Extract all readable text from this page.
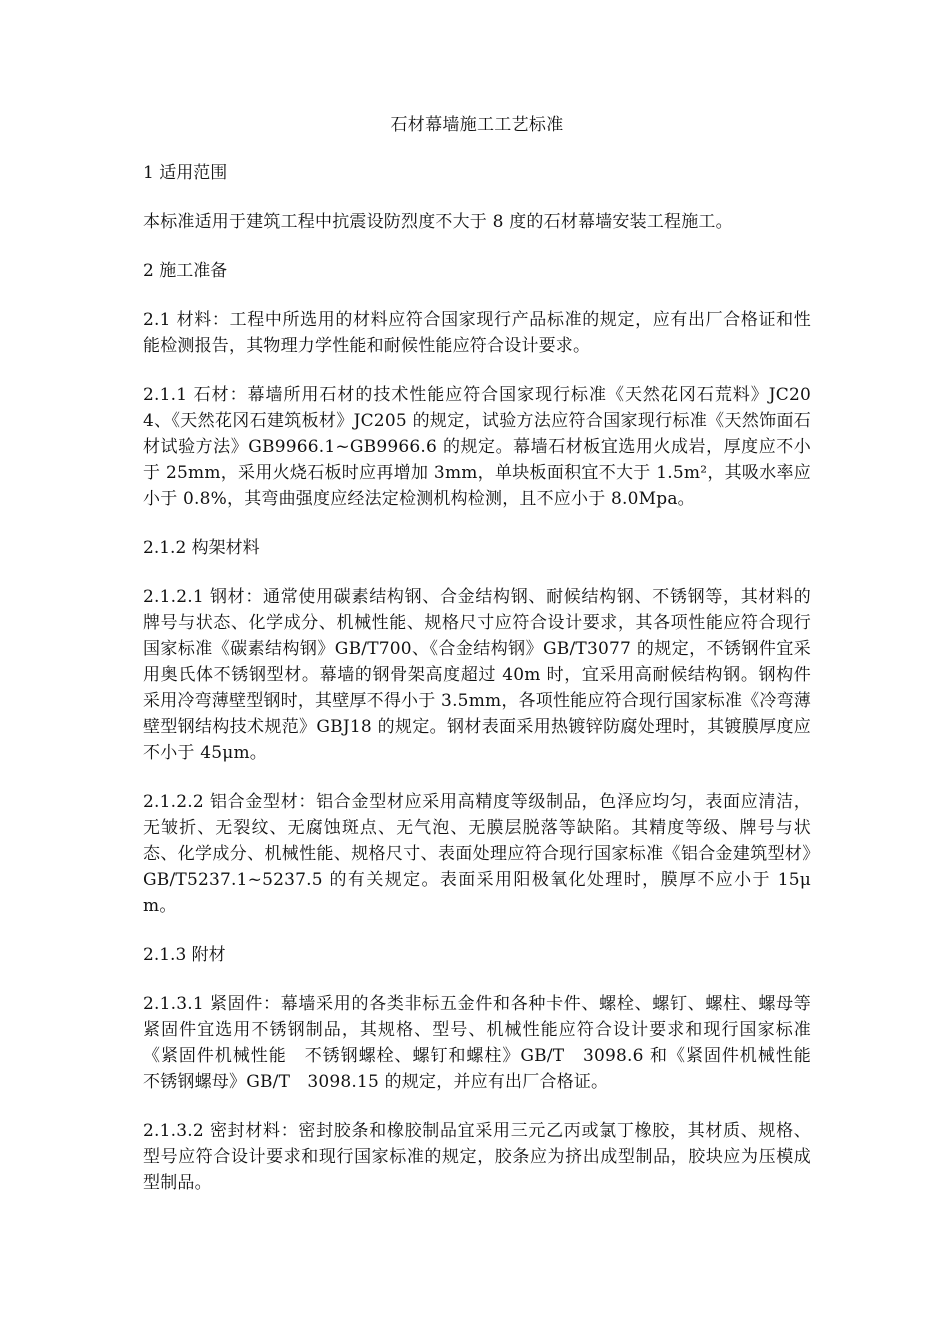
石材幕墙施工工艺标准
1 适用范围
本标准适用于建筑工程中抗震设防烈度不大于 8 度的石材幕墙安装工程施工。
2 施工准备
2.1 材料：工程中所选用的材料应符合国家现行产品标准的规定，应有出厂合格证和性能检测报告，其物理力学性能和耐候性能应符合设计要求。
2.1.1 石材：幕墙所用石材的技术性能应符合国家现行标准《天然花冈石荒料》JC204、《天然花冈石建筑板材》JC205 的规定，试验方法应符合国家现行标准《天然饰面石材试验方法》GB9966.1~GB9966.6 的规定。幕墙石材板宜选用火成岩，厚度应不小于 25mm，采用火烧石板时应再增加 3mm，单块板面积宜不大于 1.5m²，其吸水率应小于 0.8%，其弯曲强度应经法定检测机构检测，且不应小于 8.0Mpa。
2.1.2 构架材料
2.1.2.1 钢材：通常使用碳素结构钢、合金结构钢、耐候结构钢、不锈钢等，其材料的牌号与状态、化学成分、机械性能、规格尺寸应符合设计要求，其各项性能应符合现行国家标准《碳素结构钢》GB/T700、《合金结构钢》GB/T3077 的规定，不锈钢件宜采用奥氏体不锈钢型材。幕墙的钢骨架高度超过 40m 时，宜采用高耐候结构钢。钢构件采用冷弯薄壁型钢时，其壁厚不得小于 3.5mm，各项性能应符合现行国家标准《冷弯薄壁型钢结构技术规范》GBJ18 的规定。钢材表面采用热镀锌防腐处理时，其镀膜厚度应不小于 45μm。
2.1.2.2 铝合金型材：铝合金型材应采用高精度等级制品，色泽应均匀，表面应清洁，无皱折、无裂纹、无腐蚀斑点、无气泡、无膜层脱落等缺陷。其精度等级、牌号与状态、化学成分、机械性能、规格尺寸、表面处理应符合现行国家标准《铝合金建筑型材》GB/T5237.1~5237.5 的有关规定。表面采用阳极氧化处理时，膜厚不应小于 15μm。
2.1.3 附材
2.1.3.1 紧固件：幕墙采用的各类非标五金件和各种卡件、螺栓、螺钉、螺柱、螺母等紧固件宜选用不锈钢制品，其规格、型号、机械性能应符合设计要求和现行国家标准《紧固件机械性能　不锈钢螺栓、螺钉和螺柱》GB/T　3098.6 和《紧固件机械性能　不锈钢螺母》GB/T　3098.15 的规定，并应有出厂合格证。
2.1.3.2 密封材料：密封胶条和橡胶制品宜采用三元乙丙或氯丁橡胶，其材质、规格、型号应符合设计要求和现行国家标准的规定，胶条应为挤出成型制品，胶块应为压模成型制品。
